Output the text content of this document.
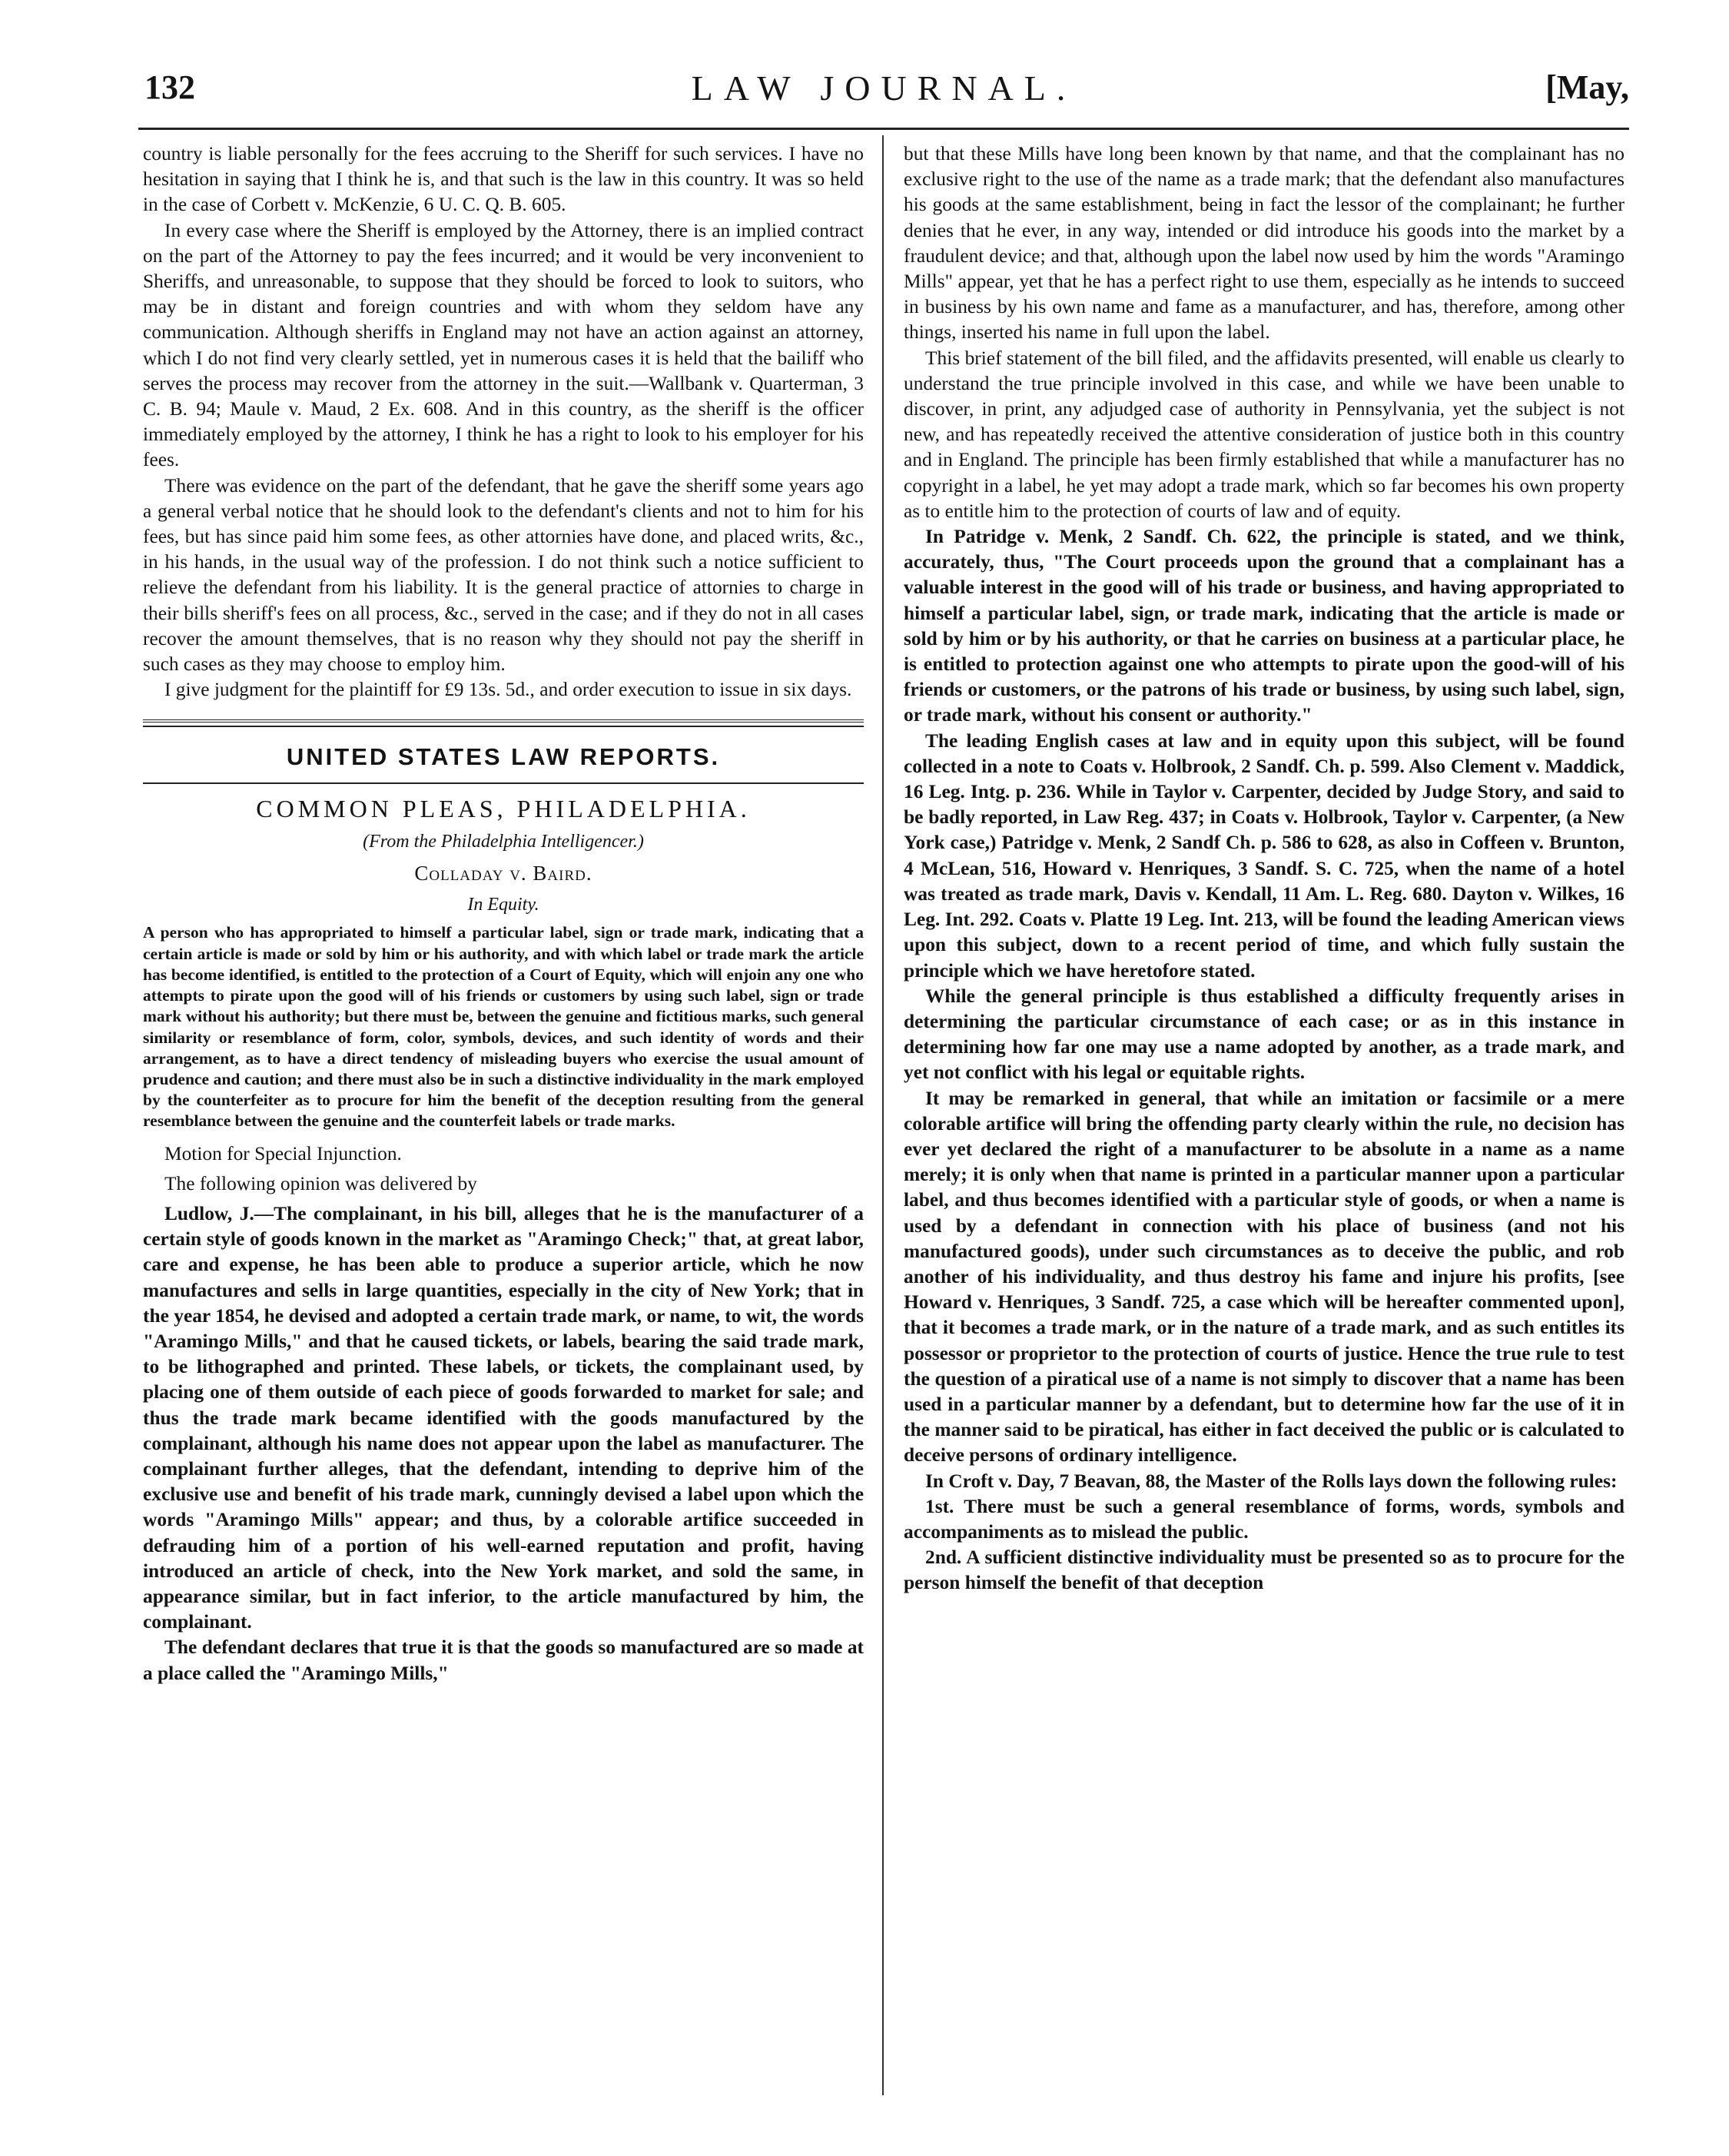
132	LAW JOURNAL.	[May,

country is liable personally for the fees accruing to the Sheriff for such services. I have no hesitation in saying that I think he is, and that such is the law in this country. It was so held in the case of Corbett v. McKenzie, 6 U. C. Q. B. 605.

In every case where the Sheriff is employed by the Attorney, there is an implied contract on the part of the Attorney to pay the fees incurred; and it would be very inconvenient to Sheriffs, and unreasonable, to suppose that they should be forced to look to suitors, who may be in distant and foreign countries and with whom they seldom have any communication. Although sheriffs in England may not have an action against an attorney, which I do not find very clearly settled, yet in numerous cases it is held that the bailiff who serves the process may recover from the attorney in the suit.—Wallbank v. Quarterman, 3 C. B. 94; Maule v. Maud, 2 Ex. 608. And in this country, as the sheriff is the officer immediately employed by the attorney, I think he has a right to look to his employer for his fees.

There was evidence on the part of the defendant, that he gave the sheriff some years ago a general verbal notice that he should look to the defendant's clients and not to him for his fees, but has since paid him some fees, as other attornies have done, and placed writs, &c., in his hands, in the usual way of the profession. I do not think such a notice sufficient to relieve the defendant from his liability. It is the general practice of attornies to charge in their bills sheriff's fees on all process, &c., served in the case; and if they do not in all cases recover the amount themselves, that is no reason why they should not pay the sheriff in such cases as they may choose to employ him.

I give judgment for the plaintiff for £9 13s. 5d., and order execution to issue in six days.

UNITED STATES LAW REPORTS.
COMMON PLEAS, PHILADELPHIA.
(From the Philadelphia Intelligencer.)
Colladay v. Baird.
In Equity.
A person who has appropriated to himself a particular label, sign or trade mark, indicating that a certain article is made or sold by him or his authority, and with which label or trade mark the article has become identified, is entitled to the protection of a Court of Equity, which will enjoin any one who attempts to pirate upon the good will of his friends or customers by using such label, sign or trade mark without his authority; but there must be, between the genuine and fictitious marks, such general similarity or resemblance of form, color, symbols, devices, and such identity of words and their arrangement, as to have a direct tendency of misleading buyers who exercise the usual amount of prudence and caution; and there must also be in such a distinctive individuality in the mark employed by the counterfeiter as to procure for him the benefit of the deception resulting from the general resemblance between the genuine and the counterfeit labels or trade marks.

Motion for Special Injunction.

The following opinion was delivered by

Ludlow, J.—The complainant, in his bill, alleges that he is the manufacturer of a certain style of goods known in the market as "Aramingo Check;" that, at great labor, care and expense, he has been able to produce a superior article, which he now manufactures and sells in large quantities, especially in the city of New York; that in the year 1854, he devised and adopted a certain trade mark, or name, to wit, the words "Aramingo Mills," and that he caused tickets, or labels, bearing the said trade mark, to be lithographed and printed. These labels, or tickets, the complainant used, by placing one of them outside of each piece of goods forwarded to market for sale; and thus the trade mark became identified with the goods manufactured by the complainant, although his name does not appear upon the label as manufacturer. The complainant further alleges, that the defendant, intending to deprive him of the exclusive use and benefit of his trade mark, cunningly devised a label upon which the words "Aramingo Mills" appear; and thus, by a colorable artifice succeeded in defrauding him of a portion of his well-earned reputation and profit, having introduced an article of check, into the New York market, and sold the same, in appearance similar, but in fact inferior, to the article manufactured by him, the complainant.

The defendant declares that true it is that the goods so manufactured are so made at a place called the "Aramingo Mills,"

but that these Mills have long been known by that name, and that the complainant has no exclusive right to the use of the name as a trade mark; that the defendant also manufactures his goods at the same establishment, being in fact the lessor of the complainant; he further denies that he ever, in any way, intended or did introduce his goods into the market by a fraudulent device; and that, although upon the label now used by him the words "Aramingo Mills" appear, yet that he has a perfect right to use them, especially as he intends to succeed in business by his own name and fame as a manufacturer, and has, therefore, among other things, inserted his name in full upon the label.

This brief statement of the bill filed, and the affidavits presented, will enable us clearly to understand the true principle involved in this case, and while we have been unable to discover, in print, any adjudged case of authority in Pennsylvania, yet the subject is not new, and has repeatedly received the attentive consideration of justice both in this country and in England. The principle has been firmly established that while a manufacturer has no copyright in a label, he yet may adopt a trade mark, which so far becomes his own property as to entitle him to the protection of courts of law and of equity.

In Patridge v. Menk, 2 Sandf. Ch. 622, the principle is stated, and we think, accurately, thus, "The Court proceeds upon the ground that a complainant has a valuable interest in the good will of his trade or business, and having appropriated to himself a particular label, sign, or trade mark, indicating that the article is made or sold by him or by his authority, or that he carries on business at a particular place, he is entitled to protection against one who attempts to pirate upon the good-will of his friends or customers, or the patrons of his trade or business, by using such label, sign, or trade mark, without his consent or authority."

The leading English cases at law and in equity upon this subject, will be found collected in a note to Coats v. Holbrook, 2 Sandf. Ch. p. 599. Also Clement v. Maddick, 16 Leg. Intg. p. 236. While in Taylor v. Carpenter, decided by Judge Story, and said to be badly reported, in Law Reg. 437; in Coats v. Holbrook, Taylor v. Carpenter, (a New York case,) Patridge v. Menk, 2 Sandf Ch. p. 586 to 628, as also in Coffeen v. Brunton, 4 McLean, 516, Howard v. Henriques, 3 Sandf. S. C. 725, when the name of a hotel was treated as trade mark, Davis v. Kendall, 11 Am. L. Reg. 680. Dayton v. Wilkes, 16 Leg. Int. 292. Coats v. Platte 19 Leg. Int. 213, will be found the leading American views upon this subject, down to a recent period of time, and which fully sustain the principle which we have heretofore stated.

While the general principle is thus established a difficulty frequently arises in determining the particular circumstance of each case; or as in this instance in determining how far one may use a name adopted by another, as a trade mark, and yet not conflict with his legal or equitable rights.

It may be remarked in general, that while an imitation or facsimile or a mere colorable artifice will bring the offending party clearly within the rule, no decision has ever yet declared the right of a manufacturer to be absolute in a name as a name merely; it is only when that name is printed in a particular manner upon a particular label, and thus becomes identified with a particular style of goods, or when a name is used by a defendant in connection with his place of business (and not his manufactured goods), under such circumstances as to deceive the public, and rob another of his individuality, and thus destroy his fame and injure his profits, [see Howard v. Henriques, 3 Sandf. 725, a case which will be hereafter commented upon], that it becomes a trade mark, or in the nature of a trade mark, and as such entitles its possessor or proprietor to the protection of courts of justice. Hence the true rule to test the question of a piratical use of a name is not simply to discover that a name has been used in a particular manner by a defendant, but to determine how far the use of it in the manner said to be piratical, has either in fact deceived the public or is calculated to deceive persons of ordinary intelligence.

In Croft v. Day, 7 Beavan, 88, the Master of the Rolls lays down the following rules:

1st. There must be such a general resemblance of forms, words, symbols and accompaniments as to mislead the public.

2nd. A sufficient distinctive individuality must be presented so as to procure for the person himself the benefit of that deception
